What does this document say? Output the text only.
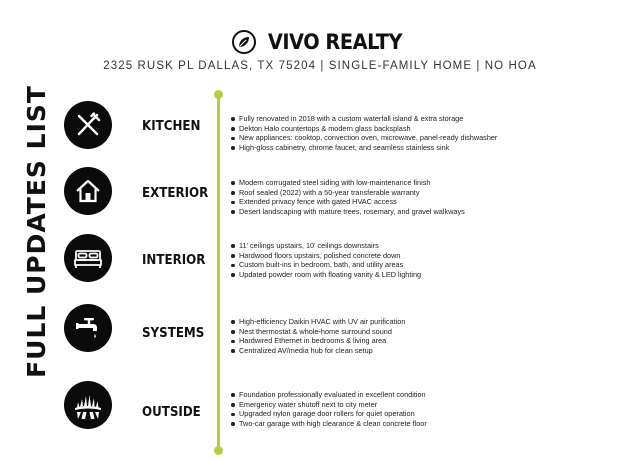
VIVO REALTY
2325 RUSK PL DALLAS, TX 75204 | SINGLE-FAMILY HOME | NO HOA
FULL UPDATES LIST	KITCHEN	Fully renovated in 2018 with a custom waterfall island & extra storage
Dekton Halo countertops & modern glass backsplash
New appliances: cooktop, convection oven, microwave, panel-ready dishwasher
High-gloss cabinetry, chrome faucet, and seamless stainless sink
EXTERIOR
Modern corrugated steel siding with low-maintenance finish
Roof sealed (2022) with a 50-year transferable warranty
Extended privacy fence with gated HVAC access
Desert landscaping with mature trees, rosemary, and gravel walkways
INTERIOR
11' ceilings upstairs, 10' ceilings downstairs
Hardwood floors upstairs, polished concrete down
Custom built-ins in bedroom, bath, and utility areas
Updated powder room with floating vanity & LED lighting
SYSTEMS
High-efficiency Daikin HVAC with UV air purification
Nest thermostat & whole-home surround sound
Hardwired Ethernet in bedrooms & living area
Centralized AV/media hub for clean setup
OUTSIDE
Foundation professionally evaluated in excellent condition
Emergency water shutoff next to city meter
Upgraded nylon garage door rollers for quiet operation
Two-car garage with high clearance & clean concrete floor
